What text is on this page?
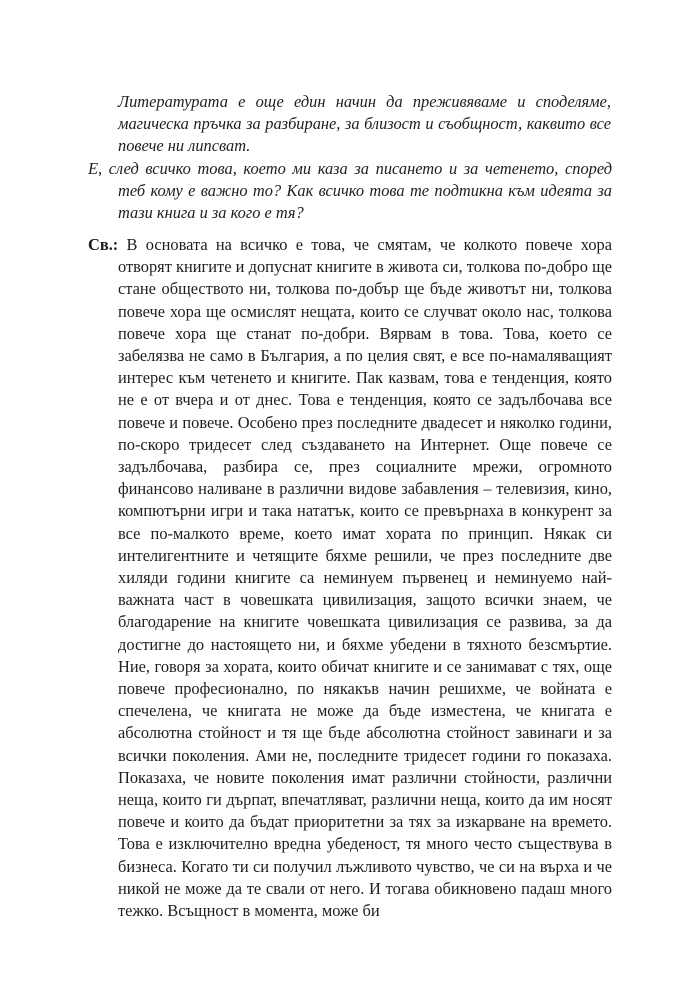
Литературата е още един начин да преживяваме и споделяме, магическа пръчка за разбиране, за близост и съобщност, каквито все повече ни липсват.

Е, след всичко това, което ми каза за писането и за четенето, според теб кому е важно то? Как всичко това те подтикна към идеята за тази книга и за кого е тя?

Св.: В основата на всичко е това, че смятам, че колкото повече хора отворят книгите и допуснат книгите в живота си, толкова по-добро ще стане обществото ни, толкова по-добър ще бъде животът ни, толкова повече хора ще осмислят нещата, които се случват около нас, толкова повече хора ще станат по-добри. Вярвам в това. Това, което се забелязва не само в България, а по целия свят, е все по-намаляващият интерес към четенето и книгите. Пак казвам, това е тенденция, която не е от вчера и от днес. Това е тенденция, която се задълбочава все повече и повече. Особено през последните двадесет и няколко години, по-скоро тридесет след създаването на Интернет. Още повече се задълбочава, разбира се, през социалните мрежи, огромното финансово наливане в различни видове забавления – телевизия, кино, компютърни игри и така нататък, които се превърнаха в конкурент за все по-малкото време, което имат хората по принцип. Някак си интелигентните и четящите бяхме решили, че през последните две хиляди години книгите са неминуем първенец и неминуемо най-важната част в човешката цивилизация, защото всички знаем, че благодарение на книгите човешката цивилизация се развива, за да достигне до настоящето ни, и бяхме убедени в тяхното безсмъртие. Ние, говоря за хората, които обичат книгите и се занимават с тях, още повече професионално, по някакъв начин решихме, че войната е спечелена, че книгата не може да бъде изместена, че книгата е абсолютна стойност и тя ще бъде абсолютна стойност завинаги и за всички поколения. Ами не, последните тридесет години го показаха. Показаха, че новите поколения имат различни стойности, различни неща, които ги дърпат, впечатляват, различни неща, които да им носят повече и които да бъдат приоритетни за тях за изкарване на времето. Това е изключително вредна убеденост, тя много често съществува в бизнеса. Когато ти си получил лъжливото чувство, че си на върха и че никой не може да те свали от него. И тогава обикновено падаш много тежко. Всъщност в момента, може би
